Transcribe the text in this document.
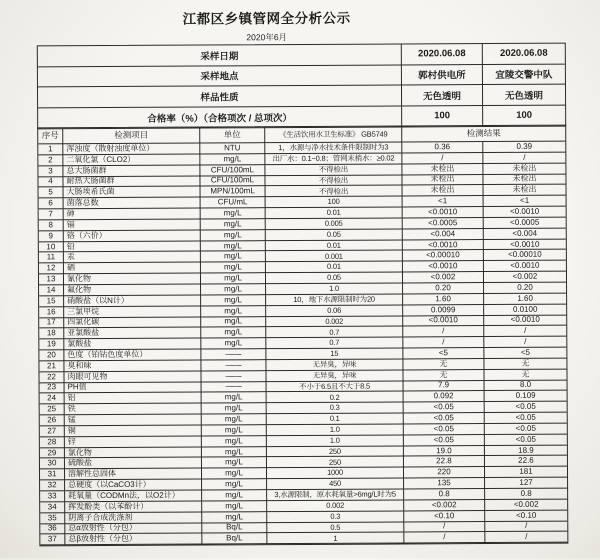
江都区乡镇管网全分析公示
2020年6月
采样日期	2020.06.08	2020.06.08
采样地点	郭村供电所	宜陵交警中队
样品性质	无色透明	无色透明
合格率（%）（合格项次 / 总项次）	100	100
序号	检测项目	单位	《生活饮用水卫生标准》 GB5749	检测结果
1	浑浊度（散射浊度单位）	NTU	1，水源与净水技术条件限制时为3	0.36	0.39
2	二氧化氯（CLO2）	mg/L	出厂水：0.1~0.8；管网末梢水：≥0.02	/	/
3	总大肠菌群	CFU/100mL	不得检出	未检出	未检出
4	耐热大肠菌群	CFU/100mL	不得检出	未检出	未检出
5	大肠埃希氏菌	MPN/100mL	不得检出	未检出	未检出
6	菌落总数	CFU/mL	100	<1	<1
7	砷	mg/L	0.01	<0.0010	<0.0010
8	镉	mg/L	0.005	<0.0005	<0.0005
9	铬（六价）	mg/L	0.05	<0.004	<0.004
10	铅	mg/L	0.01	<0.0010	<0.0010
11	汞	mg/L	0.001	<0.00010	<0.00010
12	硒	mg/L	0.01	<0.0010	<0.0010
13	氰化物	mg/L	0.05	<0.002	<0.002
14	氟化物	mg/L	1.0	0.20	0.20
15	硝酸盐（以N计）	mg/L	10，地下水源限制时为20	1.60	1.60
16	三氯甲烷	mg/L	0.06	0.0099	0.0100
17	四氯化碳	mg/L	0.002	<0.0010	<0.0010
18	亚氯酸盐	mg/L	0.7	/	/
19	氯酸盐	mg/L	0.7	/	/
20	色度（铂钴色度单位）	——	15	<5	<5
21	臭和味	——	无异臭，异味	无	无
22	肉眼可见物	——	无异臭，异味	无	无
23	PH值	——	不小于6.5且不大于8.5	7.9	8.0
24	铝	mg/L	0.2	0.092	0.109
25	铁	mg/L	0.3	<0.05	<0.05
26	锰	mg/L	0.1	<0.05	<0.05
27	铜	mg/L	1.0	<0.05	<0.05
28	锌	mg/L	1.0	<0.05	<0.05
29	氯化物	mg/L	250	19.0	18.9
30	硫酸盐	mg/L	250	22.8	22.6
31	溶解性总固体	mg/L	1000	220	181
32	总硬度（以CaCO3计）	mg/L	450	135	127
33	耗氧量（CODMn法，以O2计）	mg/L	3,水源限制，原水耗氧量>6mg/L时为5	0.8	0.8
34	挥发酚类（以苯酚计）	mg/L	0.002	<0.002	<0.002
35	阴离子合成洗涤剂	mg/L	0.3	<0.10	<0.10
36	总α放射性（分包）	Bq/L	0.5	/	/
37	总β放射性（分包）	Bq/L	1	/	/
